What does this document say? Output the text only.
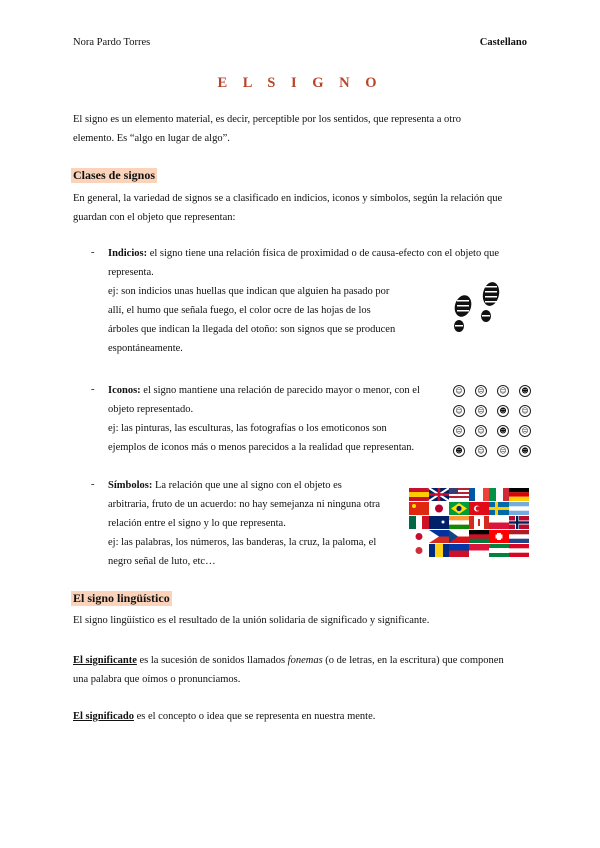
Nora Pardo Torres	Castellano
E L S I G N O
El signo es un elemento material, es decir, perceptible por los sentidos, que representa a otro
elemento. Es “algo en lugar de algo”.
Clases de signos
En general, la variedad de signos se a clasificado en indicios, iconos y símbolos, según la relación que
guardan con el objeto que representan:
- Indicios: el signo tiene una relación física de proximidad o de causa-efecto con el objeto que
representa.
ej: son indicios unas huellas que indican que alguien ha pasado por
allí, el humo que señala fuego, el color ocre de las hojas de los
árboles que indican la llegada del otoño: son signos que se producen
espontáneamente.
- Iconos: el signo mantiene una relación de parecido mayor o menor, con el
objeto representado.
ej: las pinturas, las esculturas, las fotografías o los emoticonos son
ejemplos de iconos más o menos parecidos a la realidad que representan.
☺	☹	☺	☻
☺	☹	☻	☺
☹	☺	☻	☹
☻	☺	☹	☻
- Símbolos: La relación que une al signo con el objeto es
arbitraria, fruto de un acuerdo: no hay semejanza ni ninguna otra
relación entre el signo y lo que representa.
ej: las palabras, los números, las banderas, la cruz, la paloma, el
negro señal de luto, etc…
El signo lingüístico
El signo lingüístico es el resultado de la unión solidaria de significado y significante.
El significante es la sucesión de sonidos llamados fonemas (o de letras, en la escritura) que componen
una palabra que oímos o pronunciamos.
El significado es el concepto o idea que se representa en nuestra mente.
